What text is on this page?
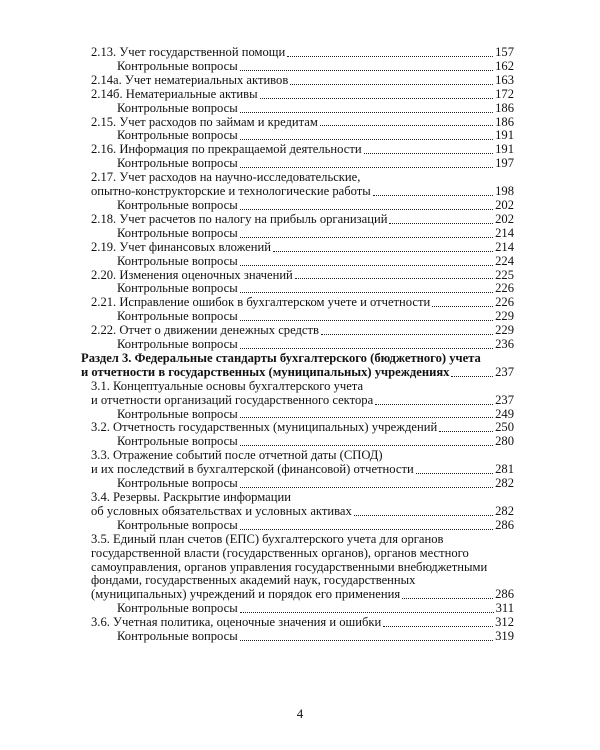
2.13. Учет государственной помощи	157
Контрольные вопросы	162
2.14а. Учет нематериальных активов	163
2.14б. Нематериальные активы	172
Контрольные вопросы	186
2.15. Учет расходов по займам и кредитам	186
Контрольные вопросы	191
2.16. Информация по прекращаемой деятельности	191
Контрольные вопросы	197
2.17. Учет расходов на научно-исследовательские,
опытно-конструкторские и технологические работы	198
Контрольные вопросы	202
2.18. Учет расчетов по налогу на прибыль организаций	202
Контрольные вопросы	214
2.19. Учет финансовых вложений	214
Контрольные вопросы	224
2.20. Изменения оценочных значений	225
Контрольные вопросы	226
2.21. Исправление ошибок в бухгалтерском учете и отчетности	226
Контрольные вопросы	229
2.22. Отчет о движении денежных средств	229
Контрольные вопросы	236
Раздел 3. Федеральные стандарты бухгалтерского (бюджетного) учета
и отчетности в государственных (муниципальных) учреждениях	237
3.1. Концептуальные основы бухгалтерского учета
и отчетности организаций государственного сектора	237
Контрольные вопросы	249
3.2. Отчетность государственных (муниципальных) учреждений	250
Контрольные вопросы	280
3.3. Отражение событий после отчетной даты (СПОД)
и их последствий в бухгалтерской (финансовой) отчетности	281
Контрольные вопросы	282
3.4. Резервы. Раскрытие информации
об условных обязательствах и условных активах	282
Контрольные вопросы	286
3.5. Единый план счетов (ЕПС) бухгалтерского учета для органов
государственной власти (государственных органов), органов местного
самоуправления, органов управления государственными внебюджетными
фондами, государственных академий наук, государственных
(муниципальных) учреждений и порядок его применения	286
Контрольные вопросы	311
3.6. Учетная политика, оценочные значения и ошибки	312
Контрольные вопросы	319
4
